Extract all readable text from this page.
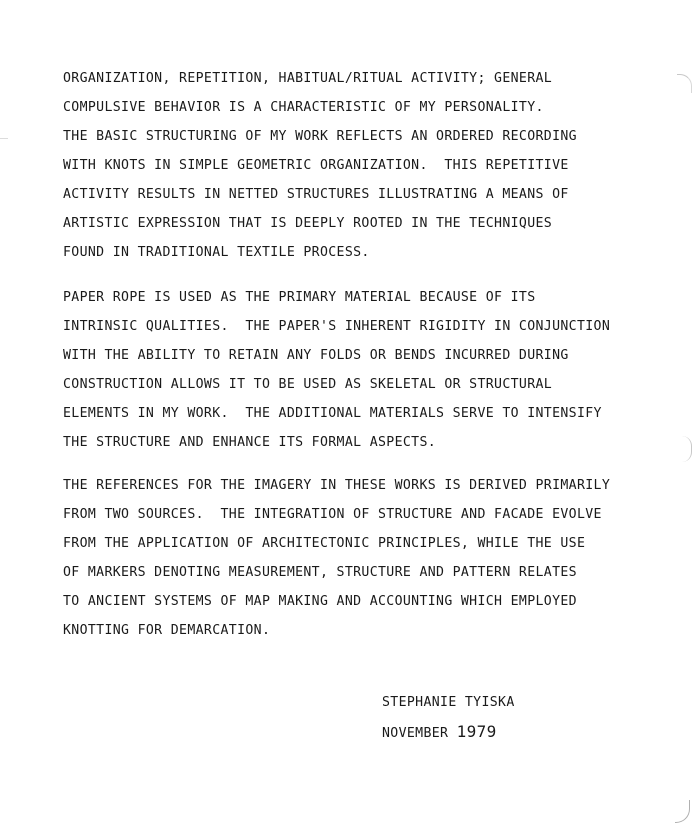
ORGANIZATION, REPETITION, HABITUAL/RITUAL ACTIVITY; GENERAL
COMPULSIVE BEHAVIOR IS A CHARACTERISTIC OF MY PERSONALITY.
THE BASIC STRUCTURING OF MY WORK REFLECTS AN ORDERED RECORDING
WITH KNOTS IN SIMPLE GEOMETRIC ORGANIZATION.  THIS REPETITIVE
ACTIVITY RESULTS IN NETTED STRUCTURES ILLUSTRATING A MEANS OF
ARTISTIC EXPRESSION THAT IS DEEPLY ROOTED IN THE TECHNIQUES
FOUND IN TRADITIONAL TEXTILE PROCESS.
PAPER ROPE IS USED AS THE PRIMARY MATERIAL BECAUSE OF ITS
INTRINSIC QUALITIES.  THE PAPER'S INHERENT RIGIDITY IN CONJUNCTION
WITH THE ABILITY TO RETAIN ANY FOLDS OR BENDS INCURRED DURING
CONSTRUCTION ALLOWS IT TO BE USED AS SKELETAL OR STRUCTURAL
ELEMENTS IN MY WORK.  THE ADDITIONAL MATERIALS SERVE TO INTENSIFY
THE STRUCTURE AND ENHANCE ITS FORMAL ASPECTS.
THE REFERENCES FOR THE IMAGERY IN THESE WORKS IS DERIVED PRIMARILY
FROM TWO SOURCES.  THE INTEGRATION OF STRUCTURE AND FACADE EVOLVE
FROM THE APPLICATION OF ARCHITECTONIC PRINCIPLES, WHILE THE USE
OF MARKERS DENOTING MEASUREMENT, STRUCTURE AND PATTERN RELATES
TO ANCIENT SYSTEMS OF MAP MAKING AND ACCOUNTING WHICH EMPLOYED
KNOTTING FOR DEMARCATION.
STEPHANIE TYISKA
NOVEMBER 1979
